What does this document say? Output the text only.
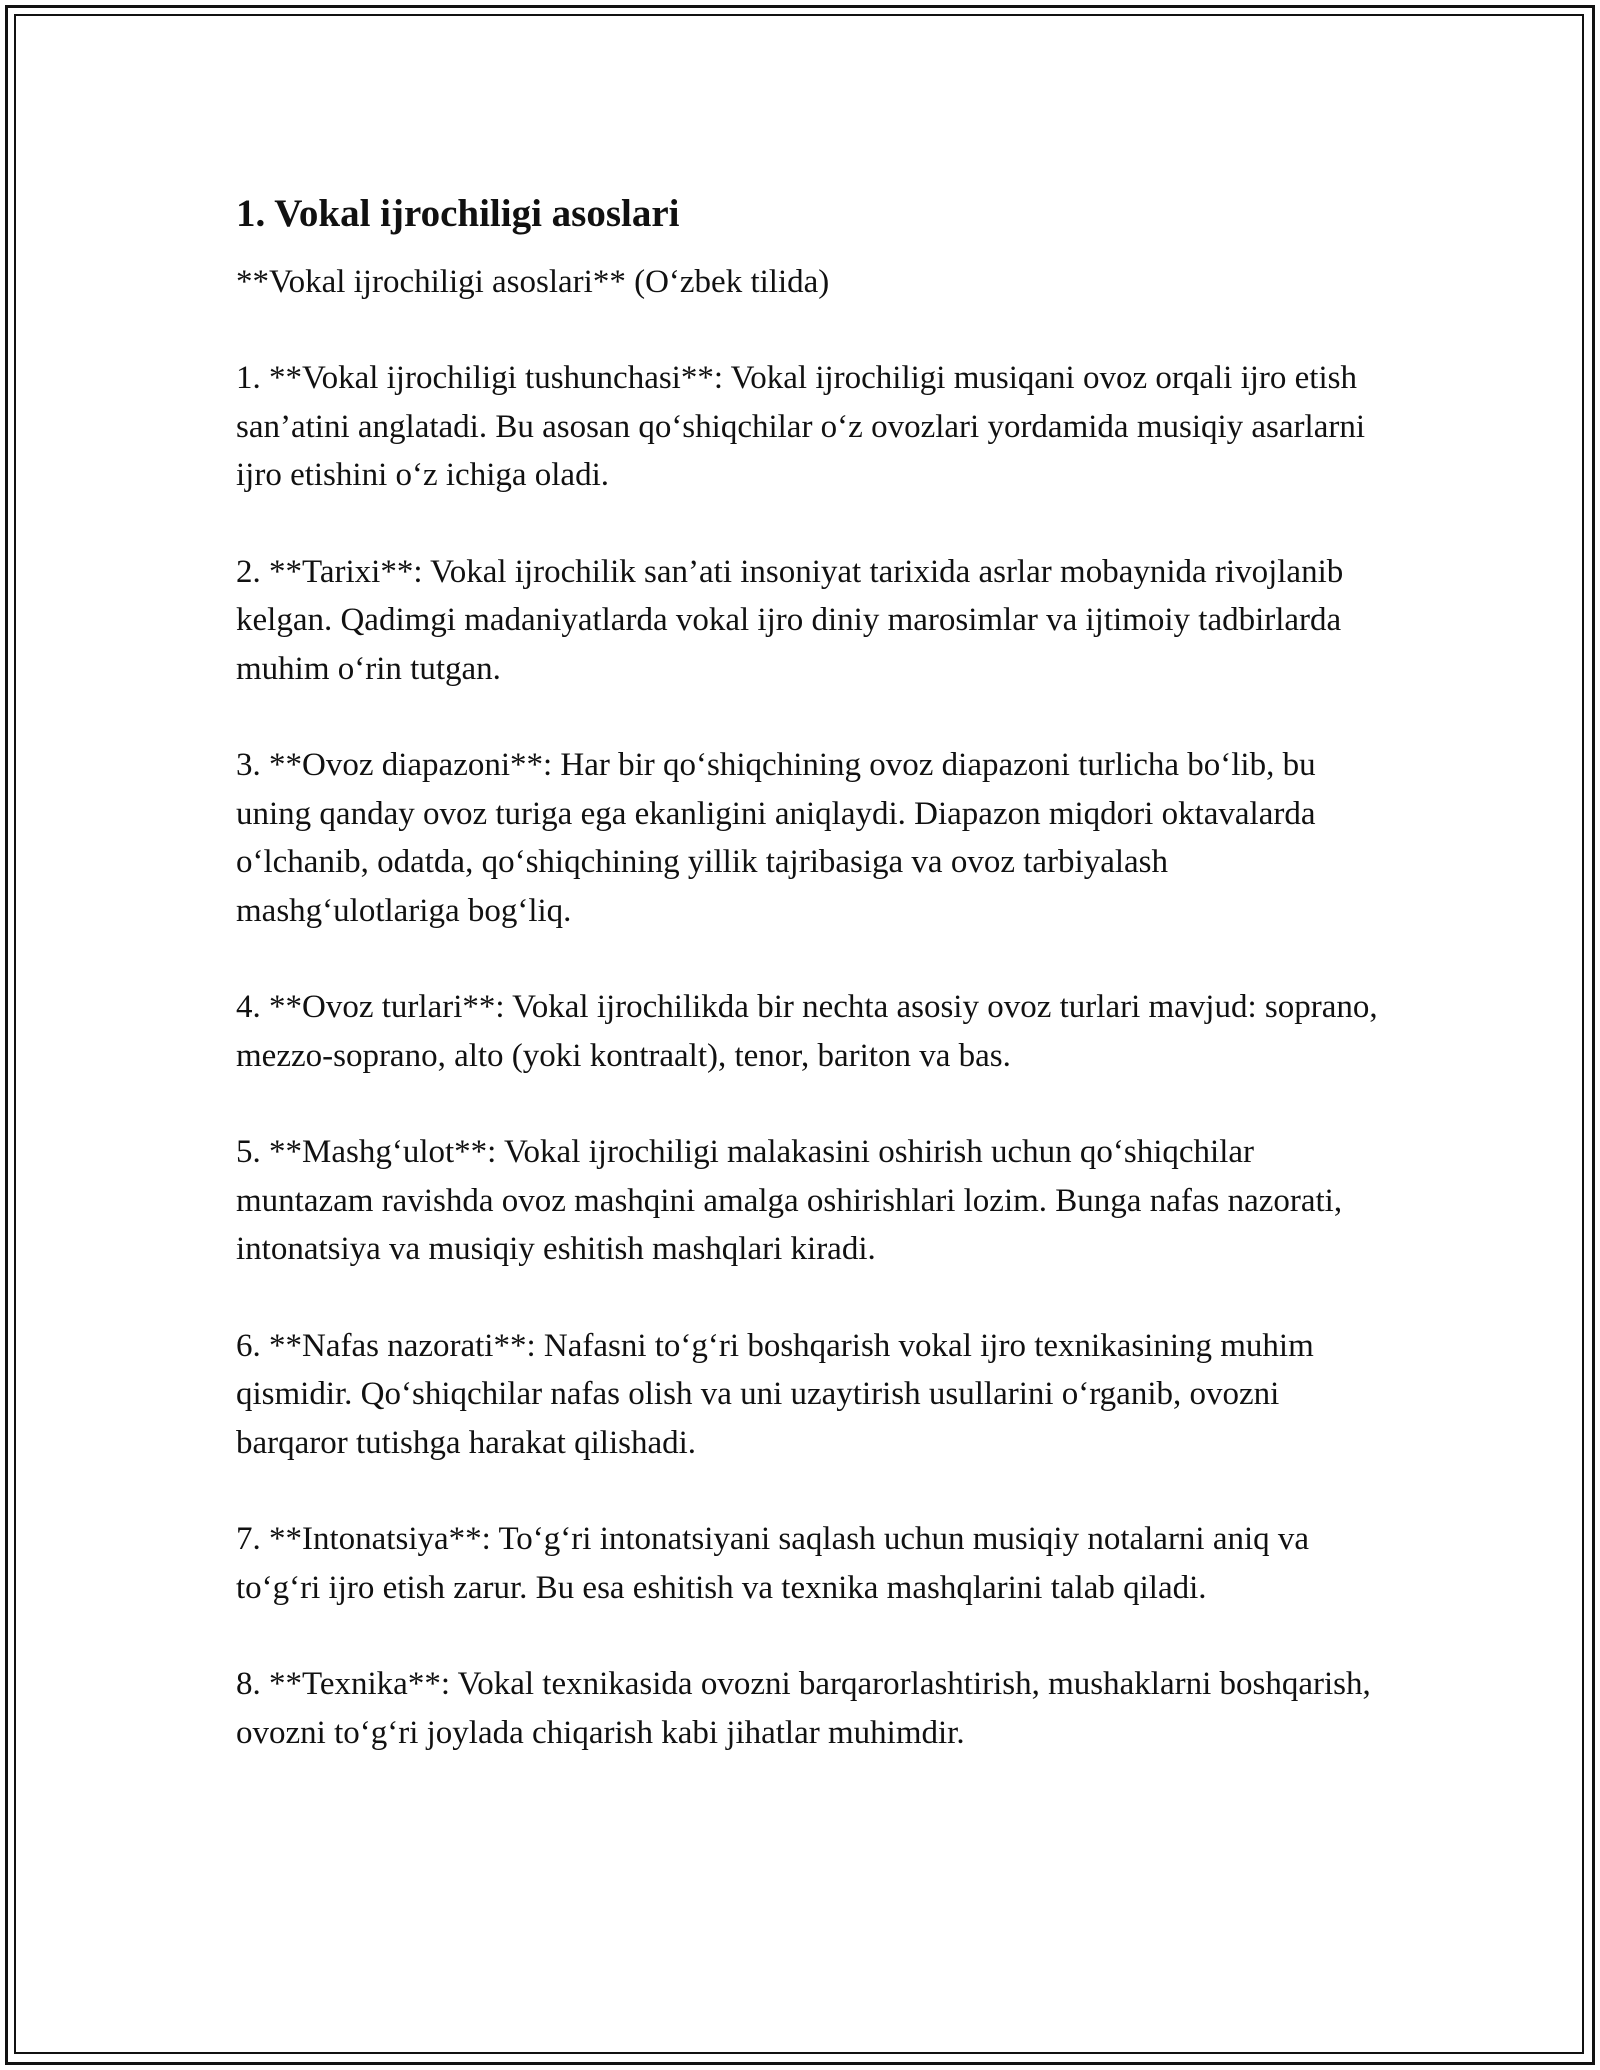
1. Vokal ijrochiligi asoslari

**Vokal ijrochiligi asoslari** (O‘zbek tilida)

1. **Vokal ijrochiligi tushunchasi**: Vokal ijrochiligi musiqani ovoz orqali ijro etish san’atini anglatadi. Bu asosan qo‘shiqchilar o‘z ovozlari yordamida musiqiy asarlarni ijro etishini o‘z ichiga oladi.

2. **Tarixi**: Vokal ijrochilik san’ati insoniyat tarixida asrlar mobaynida rivojlanib kelgan. Qadimgi madaniyatlarda vokal ijro diniy marosimlar va ijtimoiy tadbirlarda muhim o‘rin tutgan.

3. **Ovoz diapazoni**: Har bir qo‘shiqchining ovoz diapazoni turlicha bo‘lib, bu uning qanday ovoz turiga ega ekanligini aniqlaydi. Diapazon miqdori oktavalarda o‘lchanib, odatda, qo‘shiqchining yillik tajribasiga va ovoz tarbiyalash mashg‘ulotlariga bog‘liq.

4. **Ovoz turlari**: Vokal ijrochilikda bir nechta asosiy ovoz turlari mavjud: soprano, mezzo-soprano, alto (yoki kontraalt), tenor, bariton va bas.

5. **Mashg‘ulot**: Vokal ijrochiligi malakasini oshirish uchun qo‘shiqchilar muntazam ravishda ovoz mashqini amalga oshirishlari lozim. Bunga nafas nazorati, intonatsiya va musiqiy eshitish mashqlari kiradi.

6. **Nafas nazorati**: Nafasni to‘g‘ri boshqarish vokal ijro texnikasining muhim qismidir. Qo‘shiqchilar nafas olish va uni uzaytirish usullarini o‘rganib, ovozni barqaror tutishga harakat qilishadi.

7. **Intonatsiya**: To‘g‘ri intonatsiyani saqlash uchun musiqiy notalarni aniq va to‘g‘ri ijro etish zarur. Bu esa eshitish va texnika mashqlarini talab qiladi.

8. **Texnika**: Vokal texnikasida ovozni barqarorlashtirish, mushaklarni boshqarish, ovozni to‘g‘ri joylada chiqarish kabi jihatlar muhimdir.
